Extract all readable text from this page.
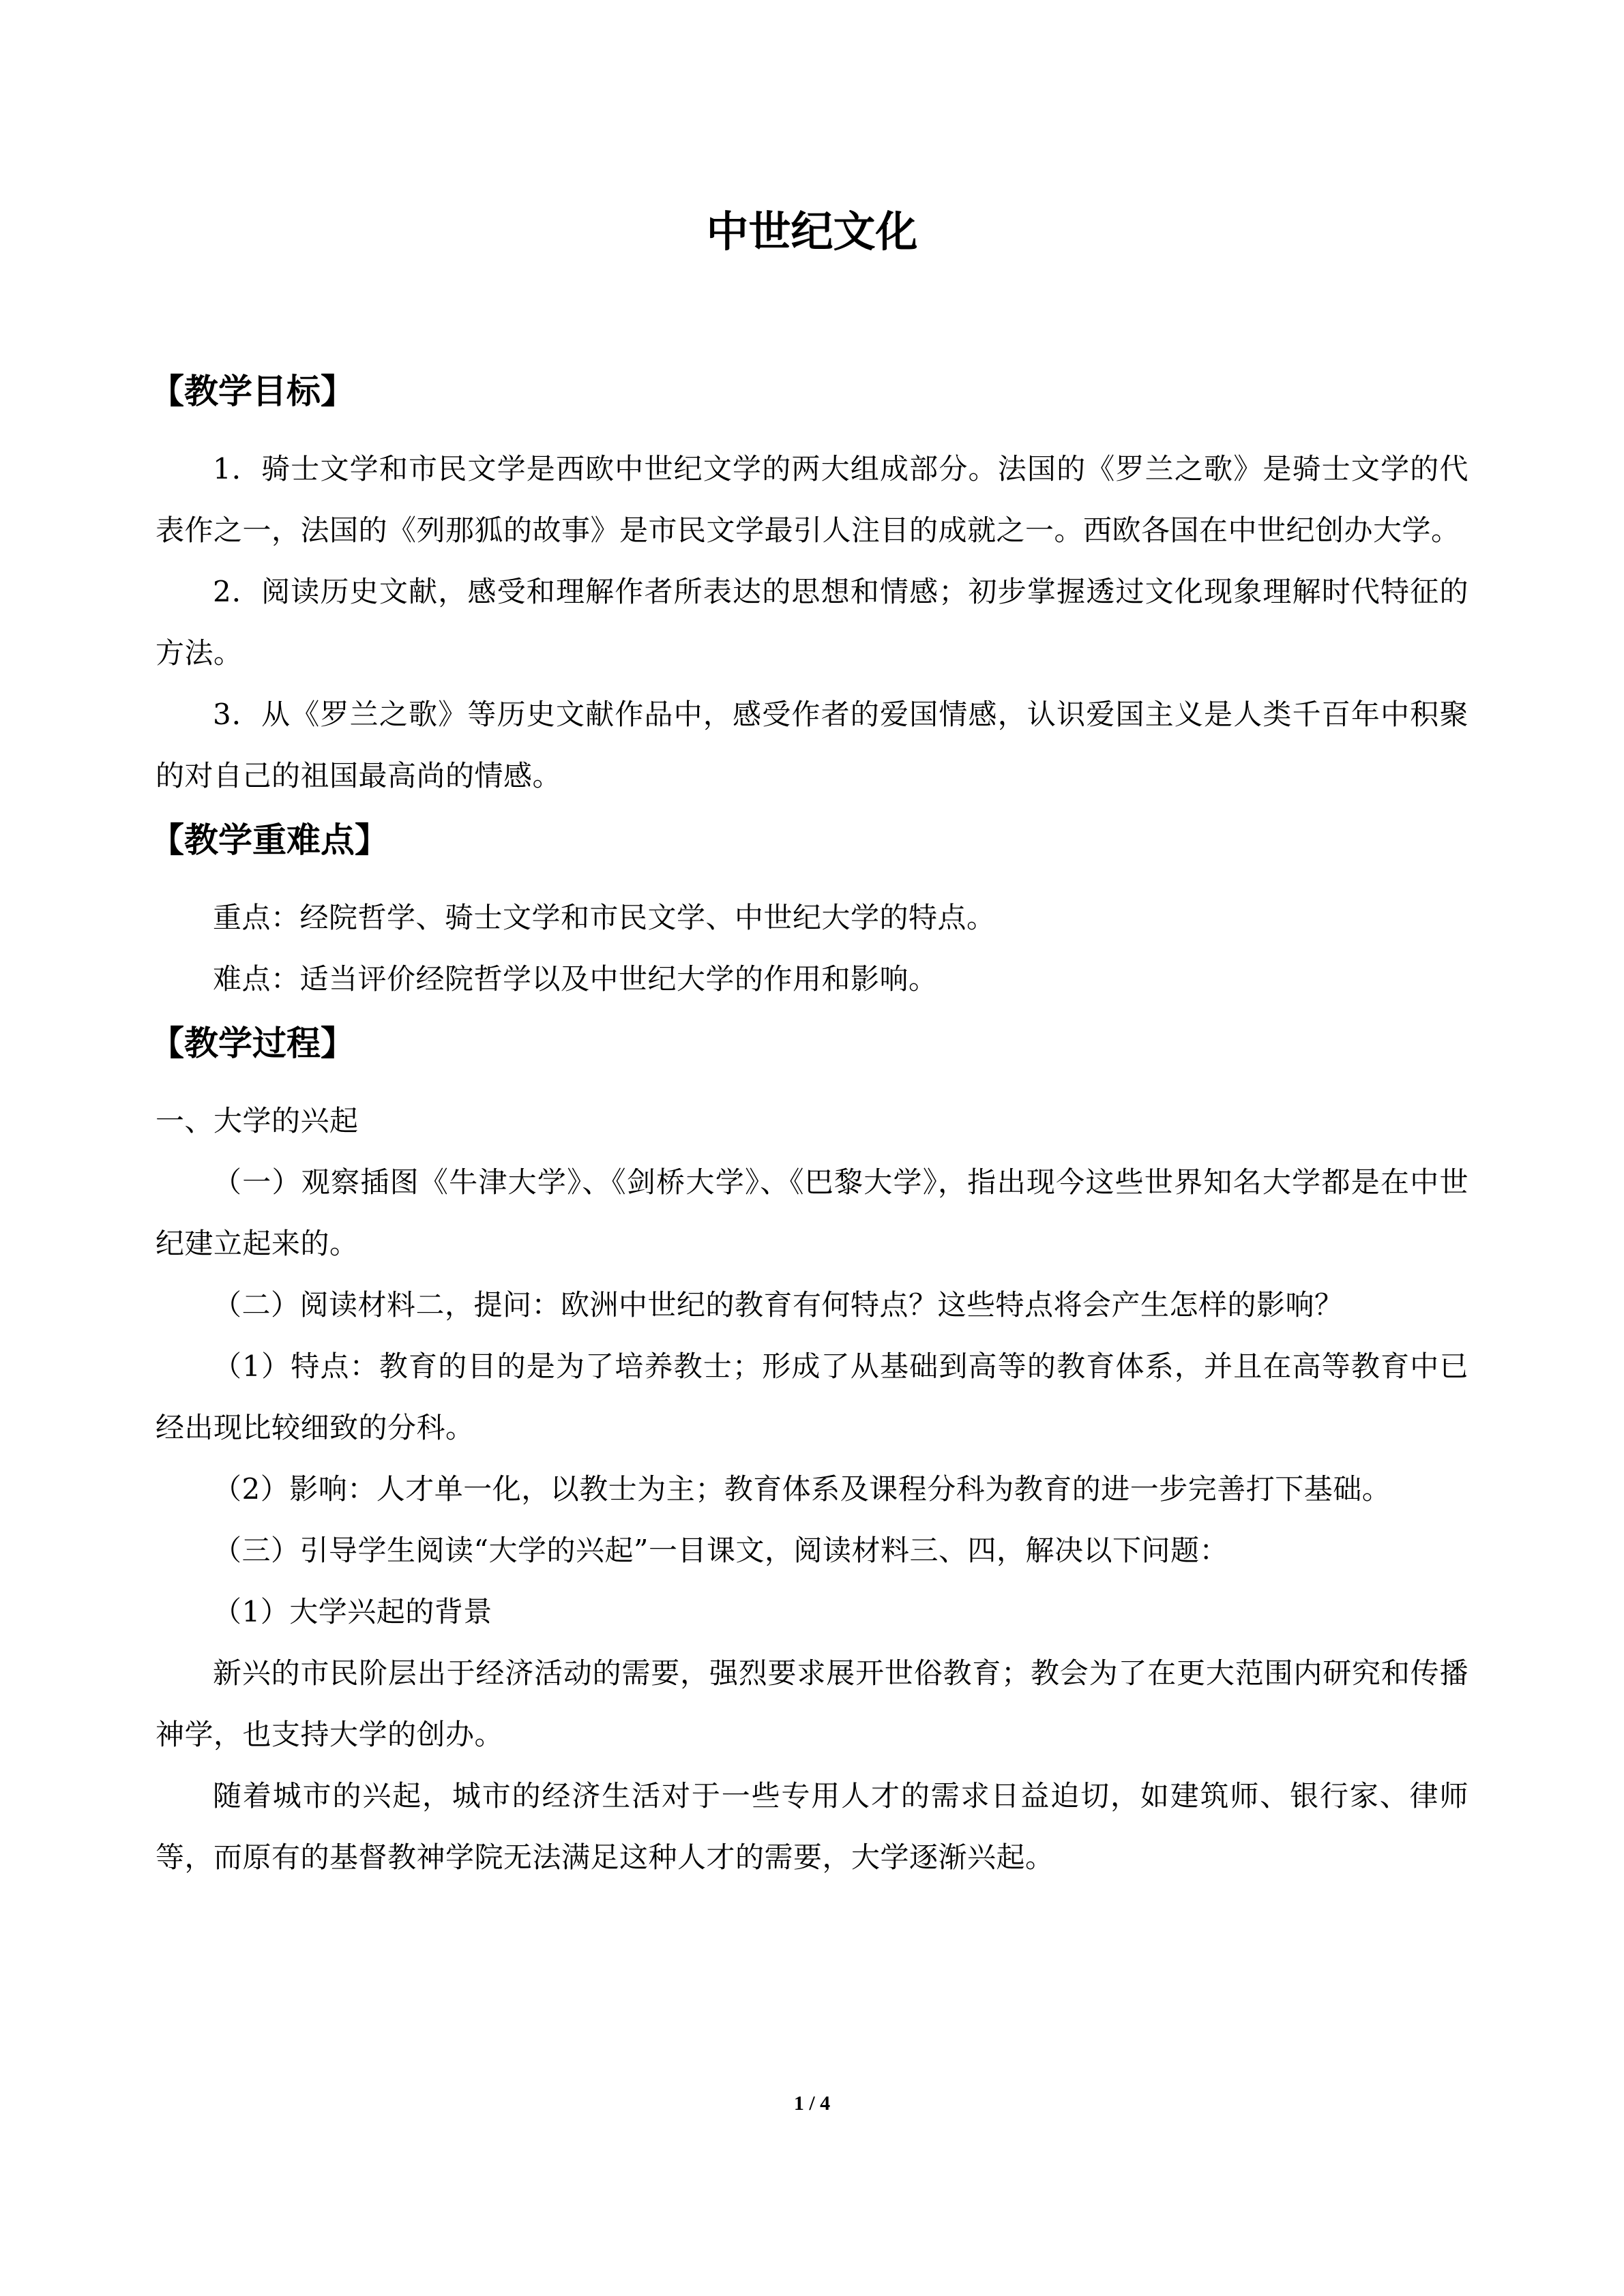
中世纪文化
【教学目标】

1．骑士文学和市民文学是西欧中世纪文学的两大组成部分。法国的《罗兰之歌》是骑士文学的代表作之一，法国的《列那狐的故事》是市民文学最引人注目的成就之一。西欧各国在中世纪创办大学。

2．阅读历史文献，感受和理解作者所表达的思想和情感；初步掌握透过文化现象理解时代特征的方法。

3．从《罗兰之歌》等历史文献作品中，感受作者的爱国情感，认识爱国主义是人类千百年中积聚的对自己的祖国最高尚的情感。

【教学重难点】

重点：经院哲学、骑士文学和市民文学、中世纪大学的特点。

难点：适当评价经院哲学以及中世纪大学的作用和影响。

【教学过程】

一、大学的兴起

（一）观察插图《牛津大学》、《剑桥大学》、《巴黎大学》，指出现今这些世界知名大学都是在中世纪建立起来的。

（二）阅读材料二，提问：欧洲中世纪的教育有何特点？这些特点将会产生怎样的影响？

（1）特点：教育的目的是为了培养教士；形成了从基础到高等的教育体系，并且在高等教育中已经出现比较细致的分科。

（2）影响：人才单一化，以教士为主；教育体系及课程分科为教育的进一步完善打下基础。

（三）引导学生阅读“大学的兴起”一目课文，阅读材料三、四，解决以下问题：

（1）大学兴起的背景

新兴的市民阶层出于经济活动的需要，强烈要求展开世俗教育；教会为了在更大范围内研究和传播神学，也支持大学的创办。

随着城市的兴起，城市的经济生活对于一些专用人才的需求日益迫切，如建筑师、银行家、律师等，而原有的基督教神学院无法满足这种人才的需要，大学逐渐兴起。

1 / 4
